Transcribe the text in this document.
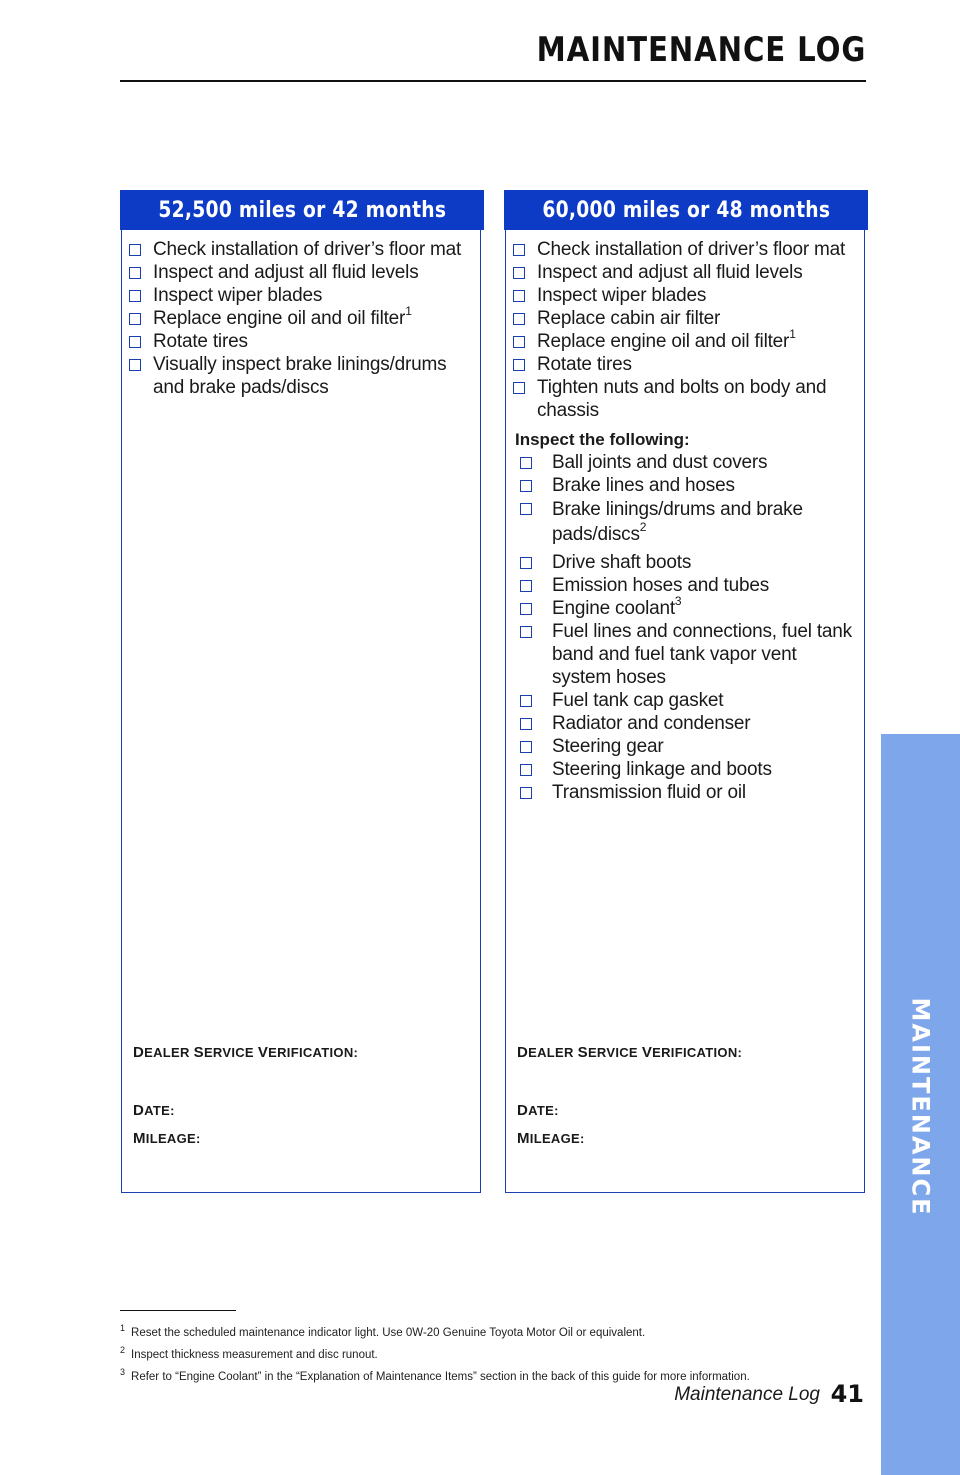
MAINTENANCE LOG
52,500 miles or 42 months
Check installation of driver’s floor mat
Inspect and adjust all fluid levels
Inspect wiper blades
Replace engine oil and oil filter$^1$
Rotate tires
Visually inspect brake linings/drums and brake pads/discs
DEALER SERVICE VERIFICATION:
DATE:
MILEAGE:
60,000 miles or 48 months
Check installation of driver’s floor mat
Inspect and adjust all fluid levels
Inspect wiper blades
Replace cabin air filter
Replace engine oil and oil filter$^1$
Rotate tires
Tighten nuts and bolts on body and chassis
Inspect the following:
Ball joints and dust covers
Brake lines and hoses
Brake linings/drums and brake pads/discs$^2$
Drive shaft boots
Emission hoses and tubes
Engine coolant$^3$
Fuel lines and connections, fuel tank band and fuel tank vapor vent system hoses
Fuel tank cap gasket
Radiator and condenser
Steering gear
Steering linkage and boots
Transmission fluid or oil
DEALER SERVICE VERIFICATION:
DATE:
MILEAGE:
$^1$ Reset the scheduled maintenance indicator light. Use 0W-20 Genuine Toyota Motor Oil or equivalent.
$^2$ Inspect thickness measurement and disc runout.
$^3$ Refer to “Engine Coolant” in the “Explanation of Maintenance Items” section in the back of this guide for more information.
MAINTENANCE
Maintenance Log 41
